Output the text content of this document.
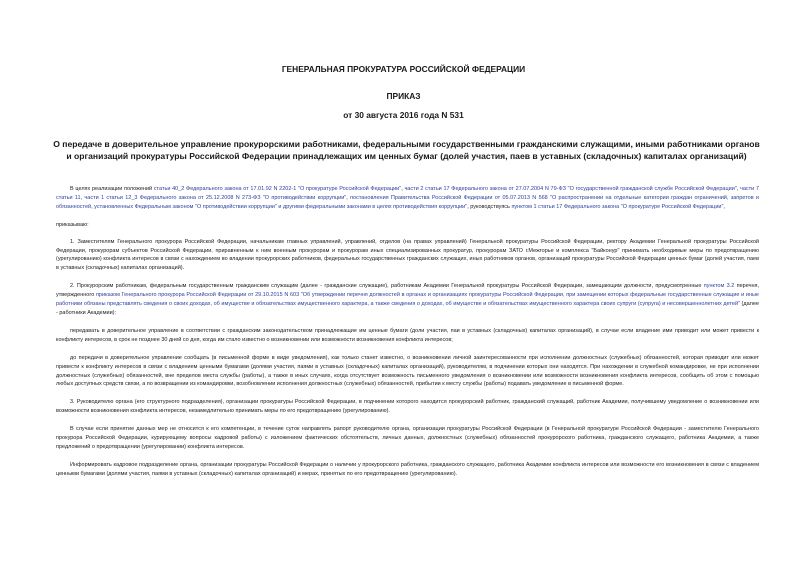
ГЕНЕРАЛЬНАЯ ПРОКУРАТУРА РОССИЙСКОЙ ФЕДЕРАЦИИ
ПРИКАЗ
от 30 августа 2016 года N 531
О передаче в доверительное управление прокурорскими работниками, федеральными государственными гражданскими служащими, иными работниками органов и организаций прокуратуры Российской Федерации принадлежащих им ценных бумаг (долей участия, паев в уставных (складочных) капиталах организаций)

В целях реализации положений статьи 40_2 Федерального закона от 17.01.92 N 2202-1 "О прокуратуре Российской Федерации", части 2 статьи 17 Федерального закона от 27.07.2004 N 79-ФЗ "О государственной гражданской службе Российской Федерации", части 7 статьи 11, части 1 статьи 12_3 Федерального закона от 25.12.2008 N 273-ФЗ "О противодействии коррупции", постановления Правительства Российской Федерации от 05.07.2013 N 568 "О распространении на отдельные категории граждан ограничений, запретов и обязанностей, установленных Федеральным законом "О противодействии коррупции" и другими федеральными законами в целях противодействия коррупции", руководствуясь пунктом 1 статьи 17 Федерального закона "О прокуратуре Российской Федерации",

приказываю:

1. Заместителям Генерального прокурора Российской Федерации, начальникам главных управлений, управлений, отделов (на правах управлений) Генеральной прокуратуры Российской Федерации, ректору Академии Генеральной прокуратуры Российской Федерации, прокурорам субъектов Российской Федерации, приравненным к ним военным прокурорам и прокурорам иных специализированных прокуратур, прокурорам ЗАТО г.Межгорье и комплекса "Байконур" принимать необходимые меры по предотвращению (урегулированию) конфликта интересов в связи с нахождением во владении прокурорских работников, федеральных государственных гражданских служащих, иных работников органов, организаций прокуратуры Российской Федерации ценных бумаг (долей участия, паев в уставных (складочных) капиталах организаций).

2. Прокурорским работникам, федеральным государственным гражданским служащим (далее - гражданские служащие), работникам Академии Генеральной прокуратуры Российской Федерации, замещающим должности, предусмотренные пунктом 3.2 перечня, утвержденного приказом Генерального прокурора Российской Федерации от 29.10.2015 N 603 "Об утверждении перечня должностей в органах и организациях прокуратуры Российской Федерации, при замещении которых федеральные государственные служащие и иные работники обязаны представлять сведения о своих доходах, об имуществе и обязательствах имущественного характера, а также сведения о доходах, об имуществе и обязательствах имущественного характера своих супруги (супруга) и несовершеннолетних детей" (далее - работники Академии):

передавать в доверительное управление в соответствии с гражданским законодательством принадлежащие им ценные бумаги (доли участия, паи в уставных (складочных) капиталах организаций), в случае если владение ими приводит или может привести к конфликту интересов, в срок не позднее 30 дней со дня, когда им стало известно о возникновении или возможности возникновения конфликта интересов;

до передачи в доверительное управление сообщать (в письменной форме в виде уведомления), как только станет известно, о возникновении личной заинтересованности при исполнении должностных (служебных) обязанностей, которая приводит или может привести к конфликту интересов в связи с владением ценными бумагами (долями участия, паями в уставных (складочных) капиталах организаций), руководителям, в подчинении которых они находятся. При нахождении в служебной командировке, не при исполнении должностных (служебных) обязанностей, вне пределов места службы (работы), а также в иных случаях, когда отсутствует возможность письменного уведомления о возникновении или возможности возникновения конфликта интересов, сообщить об этом с помощью любых доступных средств связи, а по возвращении из командировки, возобновлении исполнения должностных (служебных) обязанностей, прибытии к месту службы (работы) подавать уведомление в письменной форме.

3. Руководителю органа (его структурного подразделения), организации прокуратуры Российской Федерации, в подчинении которого находится прокурорский работник, гражданский служащий, работник Академии, получившему уведомление о возникновении или возможности возникновения конфликта интересов, незамедлительно принимать меры по его предотвращению (урегулированию).

В случае если принятие данных мер не относится к его компетенции, в течение суток направлять рапорт руководителю органа, организации прокуратуры Российской Федерации (в Генеральной прокуратуре Российской Федерации - заместителю Генерального прокурора Российской Федерации, курирующему вопросы кадровой работы) с изложением фактических обстоятельств, личных данных, должностных (служебных) обязанностей прокурорского работника, гражданского служащего, работника Академии, а также предложений о предотвращении (урегулировании) конфликта интересов.

Информировать кадровое подразделение органа, организации прокуратуры Российской Федерации о наличии у прокурорского работника, гражданского служащего, работника Академии конфликта интересов или возможности его возникновения в связи с владением ценными бумагами (долями участия, паями в уставных (складочных) капиталах организаций) и мерах, принятых по его предотвращению (урегулированию).
